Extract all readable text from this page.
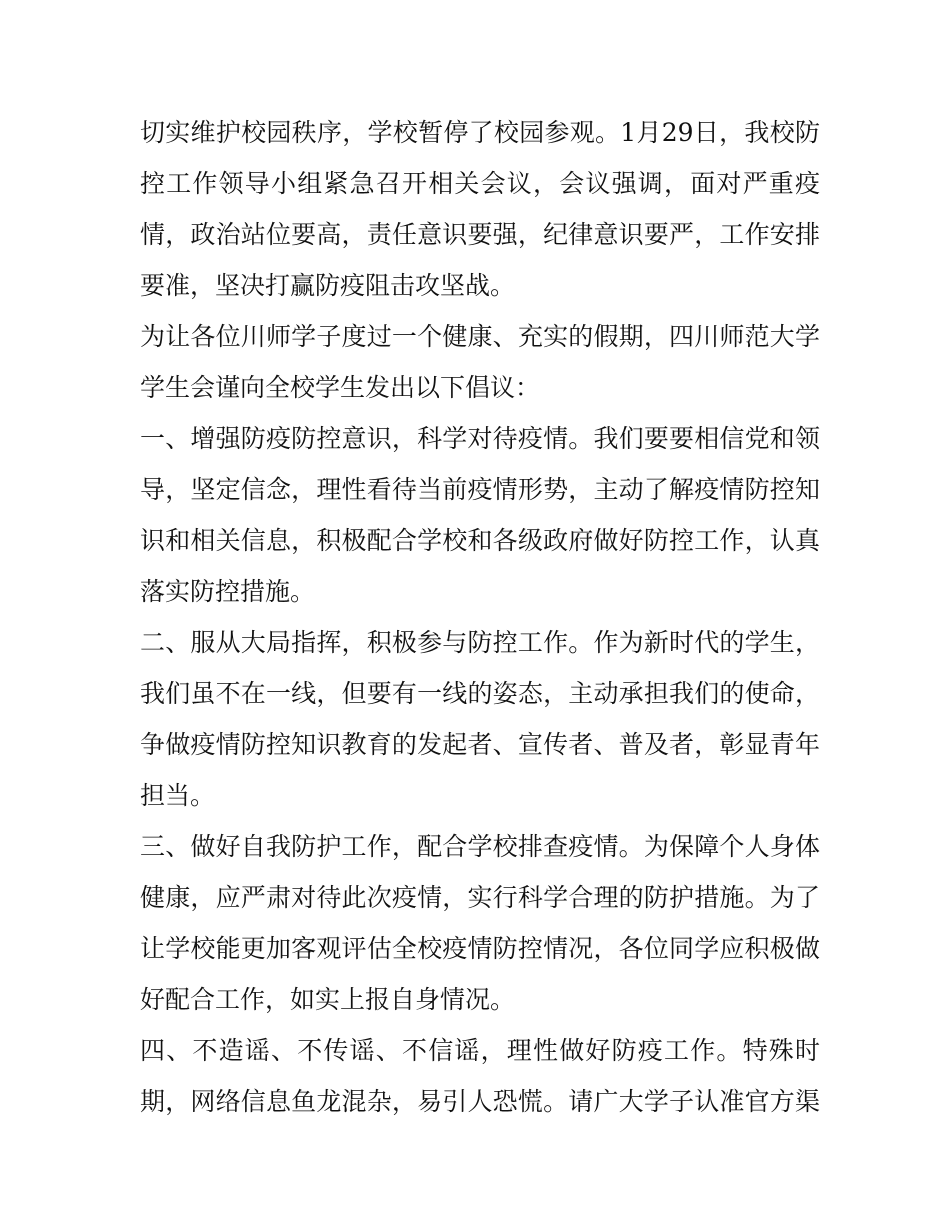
切实维护校园秩序，学校暂停了校园参观。1月29日，我校防
控工作领导小组紧急召开相关会议，会议强调，面对严重疫
情，政治站位要高，责任意识要强，纪律意识要严，工作安排
要准，坚决打赢防疫阻击攻坚战。
为让各位川师学子度过一个健康、充实的假期，四川师范大学
学生会谨向全校学生发出以下倡议：
一、增强防疫防控意识，科学对待疫情。我们要要相信党和领
导，坚定信念，理性看待当前疫情形势，主动了解疫情防控知
识和相关信息，积极配合学校和各级政府做好防控工作，认真
落实防控措施。
二、服从大局指挥，积极参与防控工作。作为新时代的学生，
我们虽不在一线，但要有一线的姿态，主动承担我们的使命，
争做疫情防控知识教育的发起者、宣传者、普及者，彰显青年
担当。
三、做好自我防护工作，配合学校排查疫情。为保障个人身体
健康，应严肃对待此次疫情，实行科学合理的防护措施。为了
让学校能更加客观评估全校疫情防控情况，各位同学应积极做
好配合工作，如实上报自身情况。
四、不造谣、不传谣、不信谣，理性做好防疫工作。特殊时
期，网络信息鱼龙混杂，易引人恐慌。请广大学子认准官方渠
